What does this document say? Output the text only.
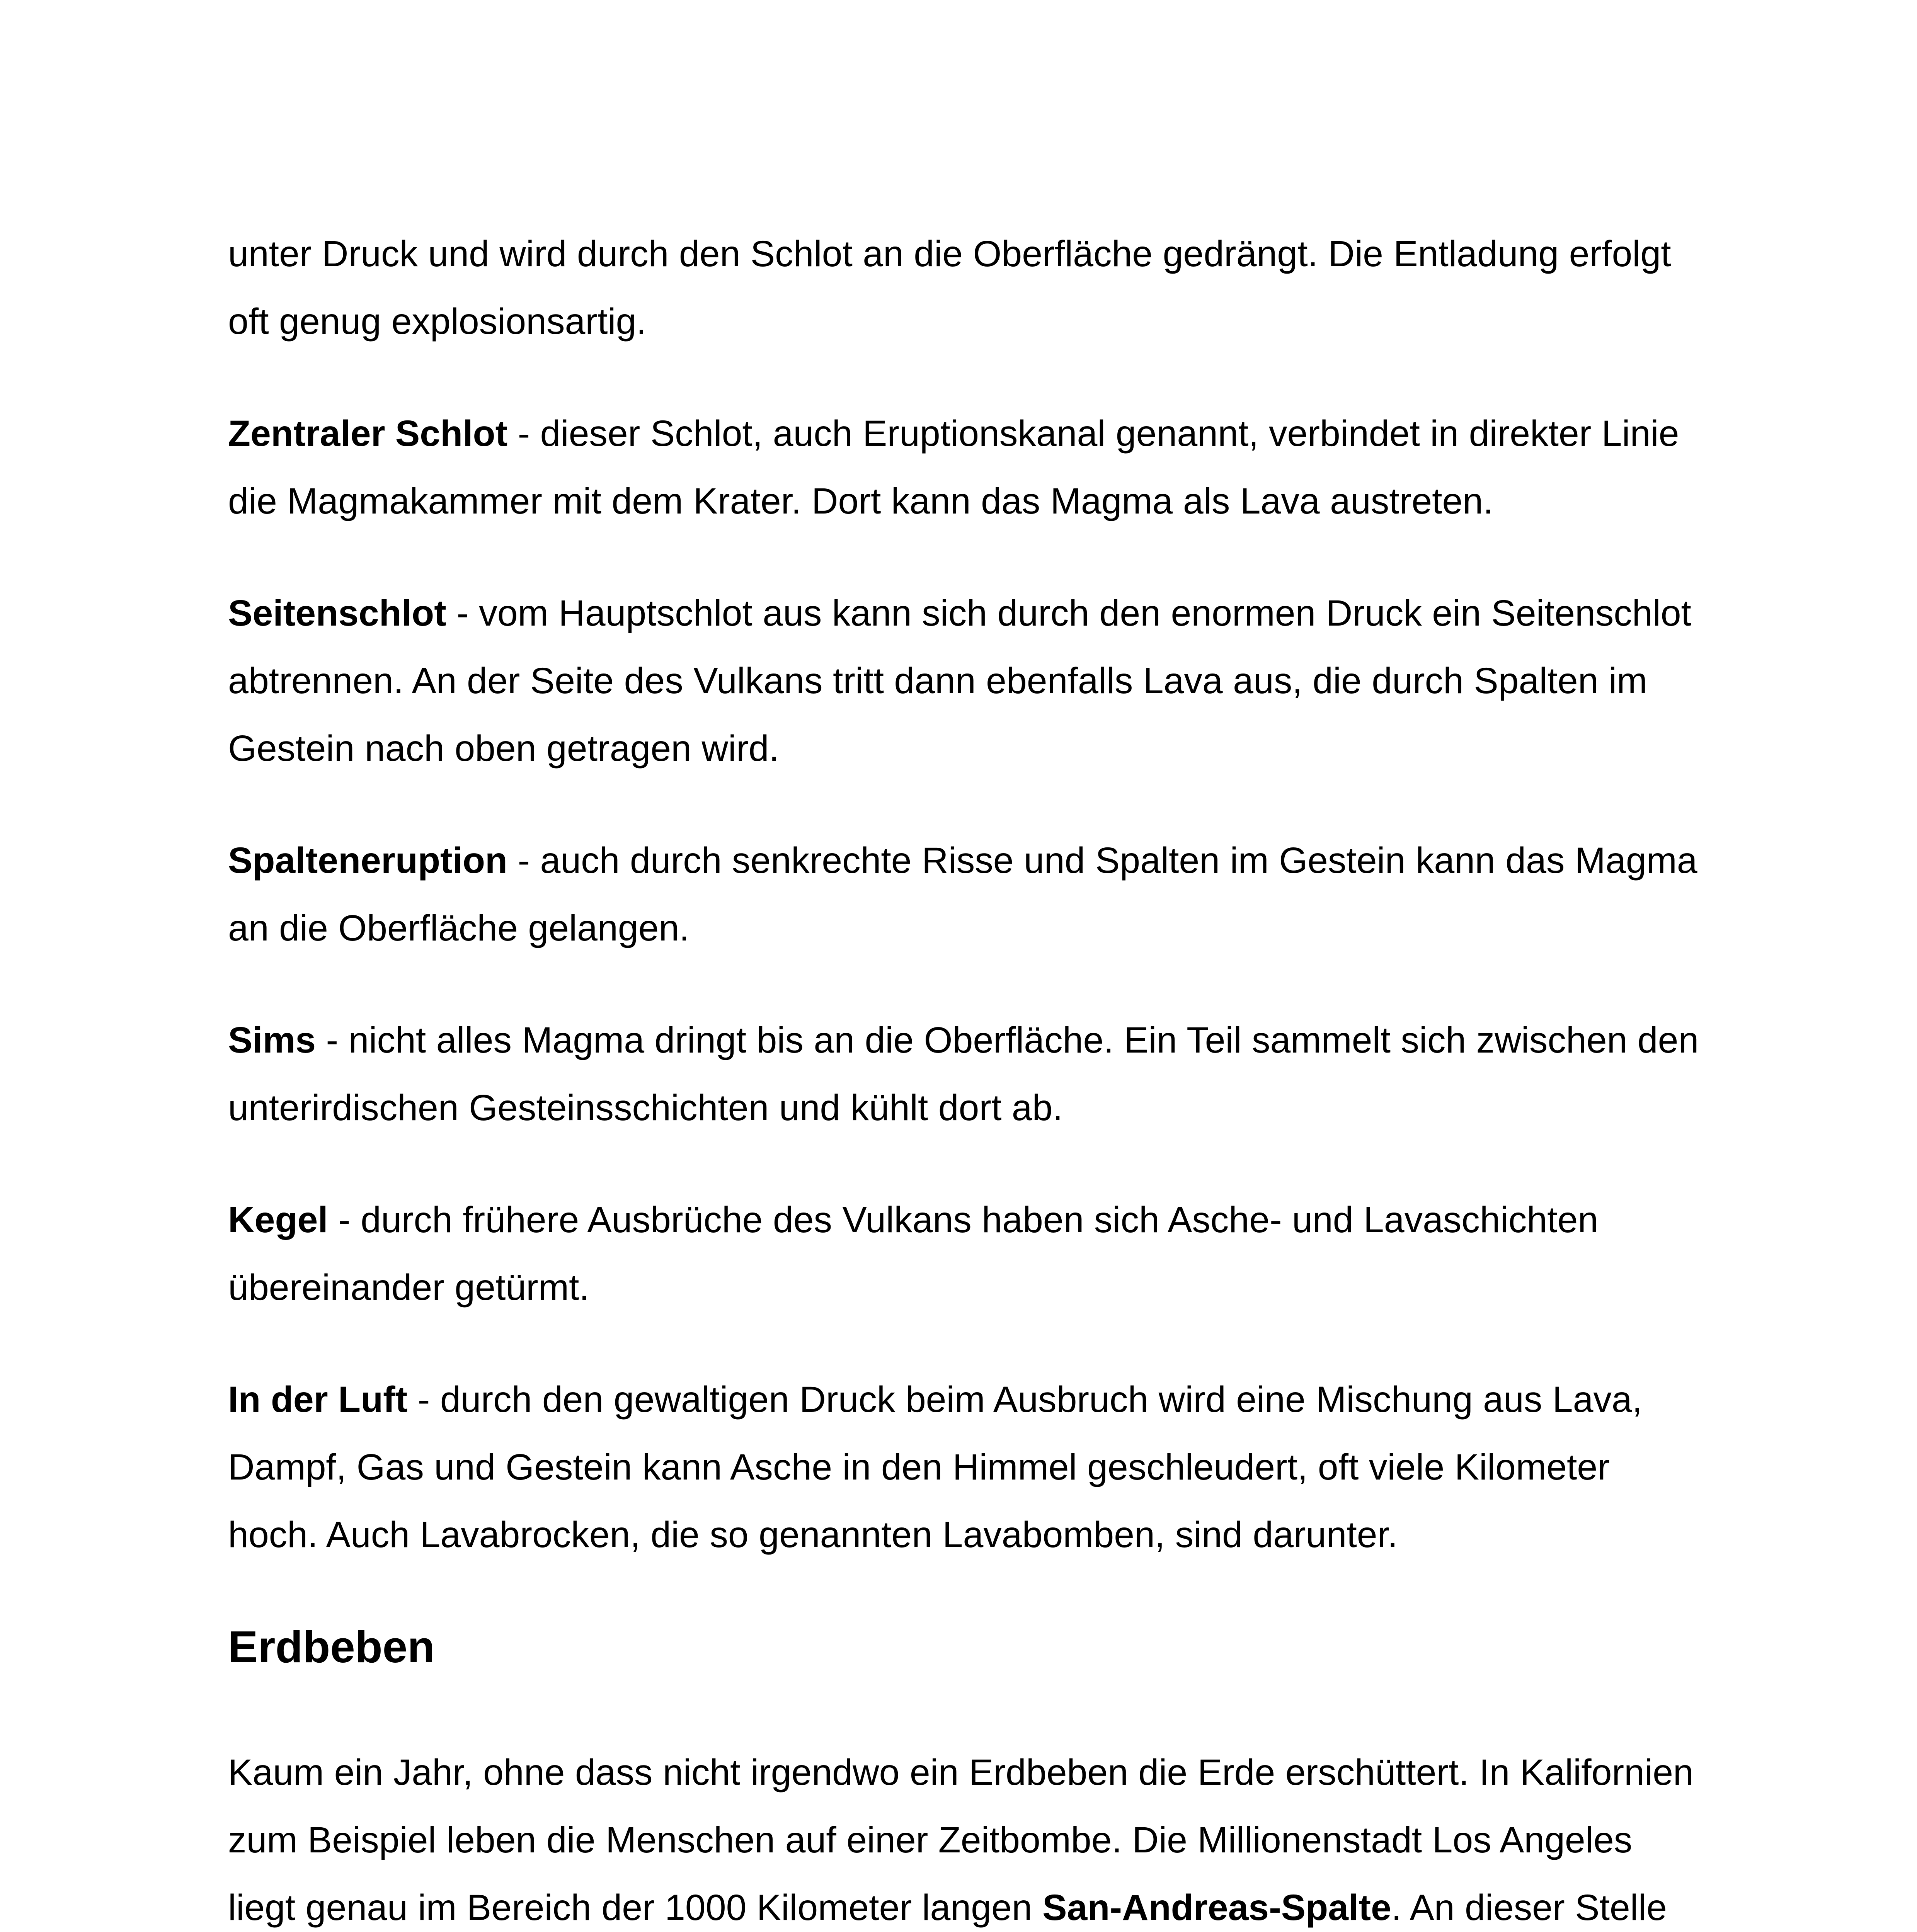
unter Druck und wird durch den Schlot an die Oberfläche gedrängt. Die Entladung erfolgt oft genug explosionsartig.

Zentraler Schlot - dieser Schlot, auch Eruptionskanal genannt, verbindet in direkter Linie die Magmakammer mit dem Krater. Dort kann das Magma als Lava austreten.

Seitenschlot - vom Hauptschlot aus kann sich durch den enormen Druck ein Seitenschlot abtrennen. An der Seite des Vulkans tritt dann ebenfalls Lava aus, die durch Spalten im Gestein nach oben getragen wird.

Spalteneruption - auch durch senkrechte Risse und Spalten im Gestein kann das Magma an die Oberfläche gelangen.

Sims - nicht alles Magma dringt bis an die Oberfläche. Ein Teil sammelt sich zwischen den unterirdischen Gesteinsschichten und kühlt dort ab.

Kegel - durch frühere Ausbrüche des Vulkans haben sich Asche- und Lavaschichten übereinander getürmt.

In der Luft - durch den gewaltigen Druck beim Ausbruch wird eine Mischung aus Lava, Dampf, Gas und Gestein kann Asche in den Himmel geschleudert, oft viele Kilometer hoch. Auch Lavabrocken, die so genannten Lavabomben, sind darunter.

Erdbeben

Kaum ein Jahr, ohne dass nicht irgendwo ein Erdbeben die Erde erschüttert. In Kalifornien zum Beispiel leben die Menschen auf einer Zeitbombe. Die Millionenstadt Los Angeles liegt genau im Bereich der 1000 Kilometer langen San-Andreas-Spalte. An dieser Stelle
